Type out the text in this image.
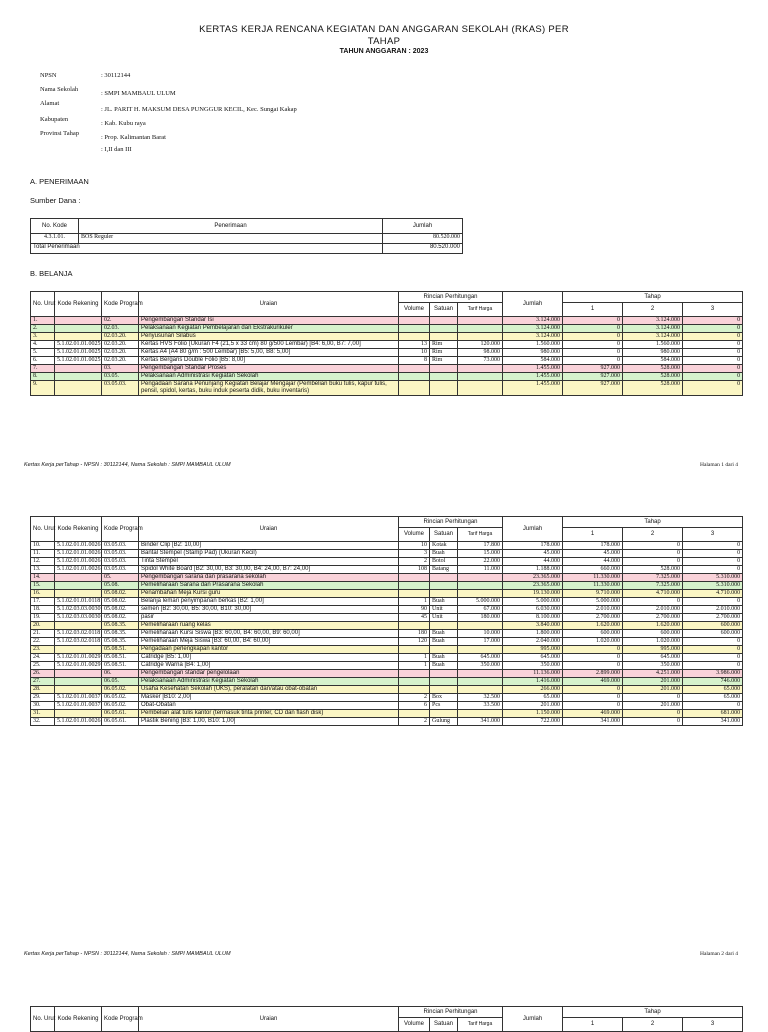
KERTAS KERJA RENCANA KEGIATAN DAN ANGGARAN SEKOLAH (RKAS) PER
TAHAP
TAHUN ANGGARAN : 2023
NPSN	: 30112144
Nama Sekolah
: SMPI MAMBAUL ULUM
Alamat
: JL. PARIT H. MAKSUM DESA PUNGGUR KECIL, Kec. Sungai Kakap
Kabupaten
: Kab. Kubu raya
Provinsi Tahap
: Prop. Kalimantan Barat
: I,II dan III
A. PENERIMAAN
Sumber Dana :
No. Kode	Penerimaan	Jumlah
4.3.1.01.	BOS Reguler	80.520.000
Total Penerimaan		80.520.000
B. BELANJA
No. Urut	Kode Rekening	Kode Program	Uraian	Rincian Perhitungan			Jumlah	Tahap		
				Volume	Satuan	Tarif Harga		1	2	3
1.		02.	Pengembangan Standar Isi				3.124.000	0	3.124.000	0
2.		02.03.	Pelaksanaan Kegiatan Pembelajaran dan Ekstrakurikuler				3.124.000	0	3.124.000	0
3.		02.03.20.	Penyusunan Silabus				3.124.000	0	3.124.000	0
4.	5.1.02.01.01.0025	02.03.20.	Kertas HVS Folio (Ukuran F4 (21,5 x 33 cm) 80 g/500 Lembar) [B4: 6,00, B7: 7,00]	13	Rim	120.000	1.560.000	0	1.560.000	0
5.	5.1.02.01.01.0025	02.03.20.	Kertas A4 (A4 80 g/m : 500 Lembar) [B5: 5,00, B8: 5,00]	10	Rim	98.000	980.000	0	980.000	0
6.	5.1.02.01.01.0025	02.03.20.	Kertas Bergaris Double Folio [B5: 8,00]	8	Rim	73.000	584.000	0	584.000	0
7.		03.	Pengembangan Standar Proses				1.455.000	927.000	528.000	0
8.		03.05.	Pelaksanaan Administrasi Kegiatan Sekolah				1.455.000	927.000	528.000	0
9.		03.05.03.	Pengadaan Sarana Penunjang Kegiatan Belajar Mengajar (Pembelian buku tulis, kapur tulis, pensil, spidol, kertas, buku induk peserta didik, buku inventaris)				1.455.000	927.000	528.000	0
Kertas Kerja perTahap - NPSN : 30112144, Nama Sekolah : SMPI MAMBAUL ULUM	Halaman 1 dari 4
No. Urut	Kode Rekening	Kode Program	Uraian	Rincian Perhitungan			Jumlah	Tahap		
				Volume	Satuan	Tarif Harga		1	2	3
10.	5.1.02.01.01.0026	03.05.03.	Binder Clip [B2: 10,00]	10	Kotak	17.800	178.000	178.000	0	0
11.	5.1.02.01.01.0026	03.05.03.	Bantal Stempel (Stamp Pad) (Ukuran Kecil)	3	Buah	15.000	45.000	45.000	0	0
12.	5.1.02.01.01.0026	03.05.03.	Tinta Stempel	2	Botol	22.000	44.000	44.000	0	0
13.	5.1.02.01.01.0026	03.05.03.	Spidol White Board [B2: 30,00, B3: 30,00, B4: 24,00, B7: 24,00]	108	Batang	11.000	1.188.000	660.000	528.000	0
14.		05.	Pengembangan sarana dan prasarana sekolah				23.365.000	11.330.000	7.325.000	5.310.000
15.		05.08.	Pemeliharaan Sarana dan Prasarana Sekolah				23.365.000	11.330.000	7.325.000	5.310.000
16.		05.08.02.	Penambahan Meja Kursi guru				19.130.000	9.710.000	4.710.000	4.710.000
17.	5.1.02.01.01.0118	05.08.02.	Belanja lemari penyimpanan berkas [B2: 1,00]	1	Buah	5.000.000	5.000.000	5.000.000	0	0
18.	5.1.02.03.03.0030	05.08.02.	semen [B2: 30,00, B5: 30,00, B10: 30,00]	90	Unit	67.000	6.030.000	2.010.000	2.010.000	2.010.000
19.	5.1.02.03.03.0030	05.08.02.	pasir	45	Unit	180.000	8.100.000	2.700.000	2.700.000	2.700.000
20.		05.08.35.	Pemeliharaan ruang kelas				3.840.000	1.620.000	1.620.000	600.000
21.	5.1.02.03.02.0118	05.08.35.	Pemeliharaan Kursi Siswa [B3: 60,00, B4: 60,00, B9: 60,00]	180	Buah	10.000	1.800.000	600.000	600.000	600.000
22.	5.1.02.03.02.0118	05.08.35.	Pemeliharaan Meja Siswa [B3: 60,00, B4: 60,00]	120	Buah	17.000	2.040.000	1.020.000	1.020.000	0
23.		05.08.51.	Pengadaan perlengkapan kantor				995.000	0	995.000	0
24.	5.1.02.01.01.0029	05.08.51.	Catridge [B5: 1,00]	1	Buah	645.000	645.000	0	645.000	0
25.	5.1.02.01.01.0029	05.08.51.	Catridge Warna [B4: 1,00]	1	Buah	350.000	350.000	0	350.000	0
26.		06.	Pengembangan standar pengelolaan				11.136.000	2.899.000	4.251.000	3.986.000
27.		06.05.	Pelaksanaan Administrasi Kegiatan Sekolah				1.416.000	469.000	201.000	746.000
28.		06.05.02.	Usaha Kesehatan Sekolah (UKS), peralatan dan/atau obat-obatan				266.000	0	201.000	65.000
29.	5.1.02.01.01.0037	06.05.02.	Masker [B10: 2,00]	2	Box	32.500	65.000	0	0	65.000
30.	5.1.02.01.01.0037	06.05.02.	Obat-Obatan	6	Pcs	33.500	201.000	0	201.000	0
31.		06.05.61.	Pembelian alat tulis kantor (termasuk tinta printer, CD dan flash disk)				1.150.000	469.000	0	681.000
32.	5.1.02.01.01.0026	06.05.61.	Plastik Bening [B3: 1,00, B10: 1,00]	2	Gulung	341.000	722.000	341.000	0	341.000
Kertas Kerja perTahap - NPSN : 30112144, Nama Sekolah : SMPI MAMBAUL ULUM	Halaman 2 dari 4
No. Urut	Kode Rekening	Kode Program	Uraian	Rincian Perhitungan			Jumlah	Tahap		
				Volume	Satuan	Tarif Harga		1	2	3
